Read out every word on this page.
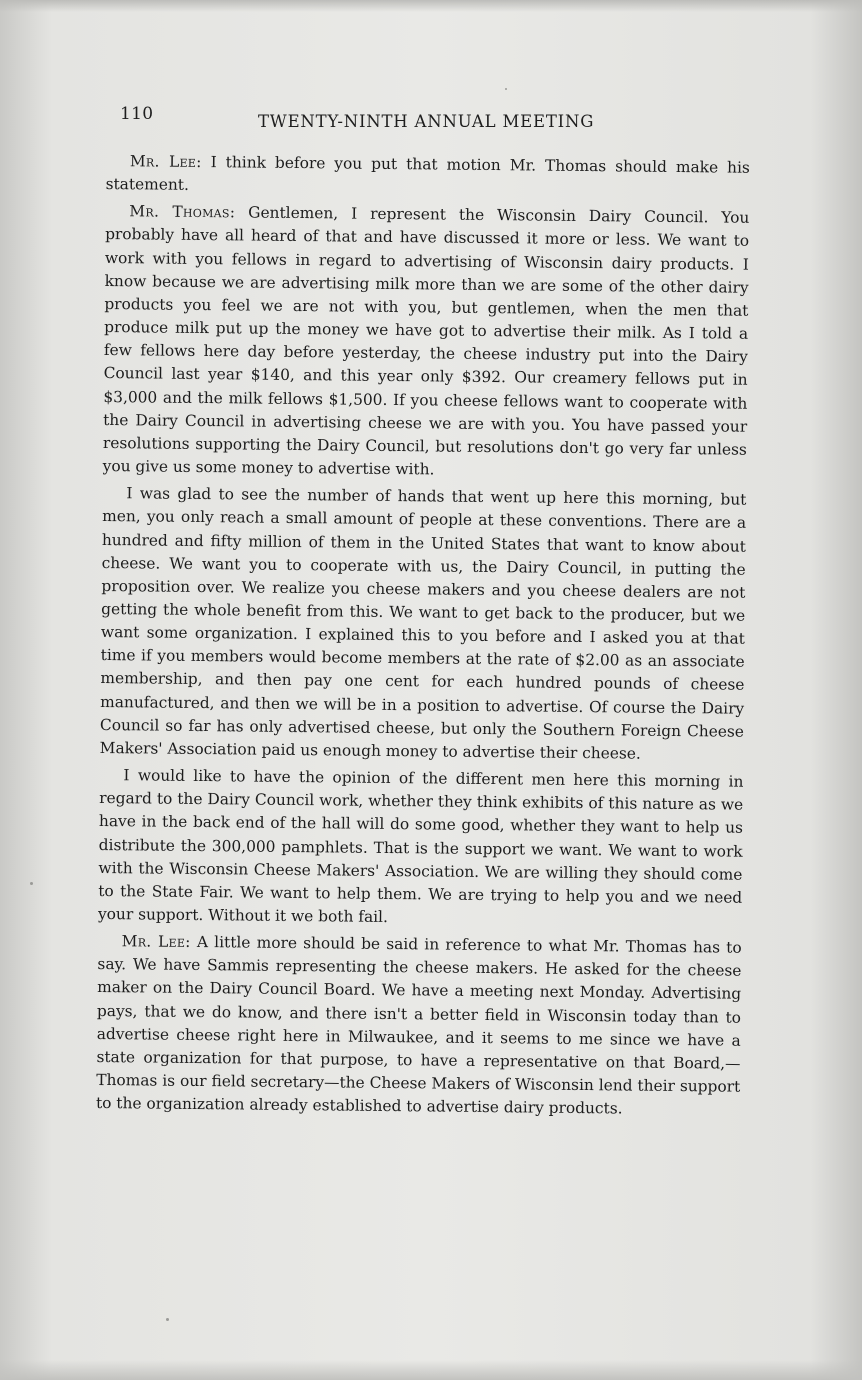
110	TWENTY-NINTH ANNUAL MEETING

Mr. Lee: I think before you put that motion Mr. Thomas should make his statement.

Mr. Thomas: Gentlemen, I represent the Wisconsin Dairy Council. You probably have all heard of that and have discussed it more or less. We want to work with you fellows in regard to advertising of Wisconsin dairy products. I know because we are advertising milk more than we are some of the other dairy products you feel we are not with you, but gentlemen, when the men that produce milk put up the money we have got to advertise their milk. As I told a few fellows here day before yesterday, the cheese industry put into the Dairy Council last year $140, and this year only $392. Our creamery fellows put in $3,000 and the milk fellows $1,500. If you cheese fellows want to cooperate with the Dairy Council in advertising cheese we are with you. You have passed your resolutions supporting the Dairy Council, but resolutions don't go very far unless you give us some money to advertise with.

I was glad to see the number of hands that went up here this morning, but men, you only reach a small amount of people at these conventions. There are a hundred and fifty million of them in the United States that want to know about cheese. We want you to cooperate with us, the Dairy Council, in putting the proposition over. We realize you cheese makers and you cheese dealers are not getting the whole benefit from this. We want to get back to the producer, but we want some organization. I explained this to you before and I asked you at that time if you members would become members at the rate of $2.00 as an associate membership, and then pay one cent for each hundred pounds of cheese manufactured, and then we will be in a position to advertise. Of course the Dairy Council so far has only advertised cheese, but only the Southern Foreign Cheese Makers' Association paid us enough money to advertise their cheese.

I would like to have the opinion of the different men here this morning in regard to the Dairy Council work, whether they think exhibits of this nature as we have in the back end of the hall will do some good, whether they want to help us distribute the 300,000 pamphlets. That is the support we want. We want to work with the Wisconsin Cheese Makers' Association. We are willing they should come to the State Fair. We want to help them. We are trying to help you and we need your support. Without it we both fail.

Mr. Lee: A little more should be said in reference to what Mr. Thomas has to say. We have Sammis representing the cheese makers. He asked for the cheese maker on the Dairy Council Board. We have a meeting next Monday. Advertising pays, that we do know, and there isn't a better field in Wisconsin today than to advertise cheese right here in Milwaukee, and it seems to me since we have a state organization for that purpose, to have a representative on that Board,—Thomas is our field secretary—the Cheese Makers of Wisconsin lend their support to the organization already established to advertise dairy products.
